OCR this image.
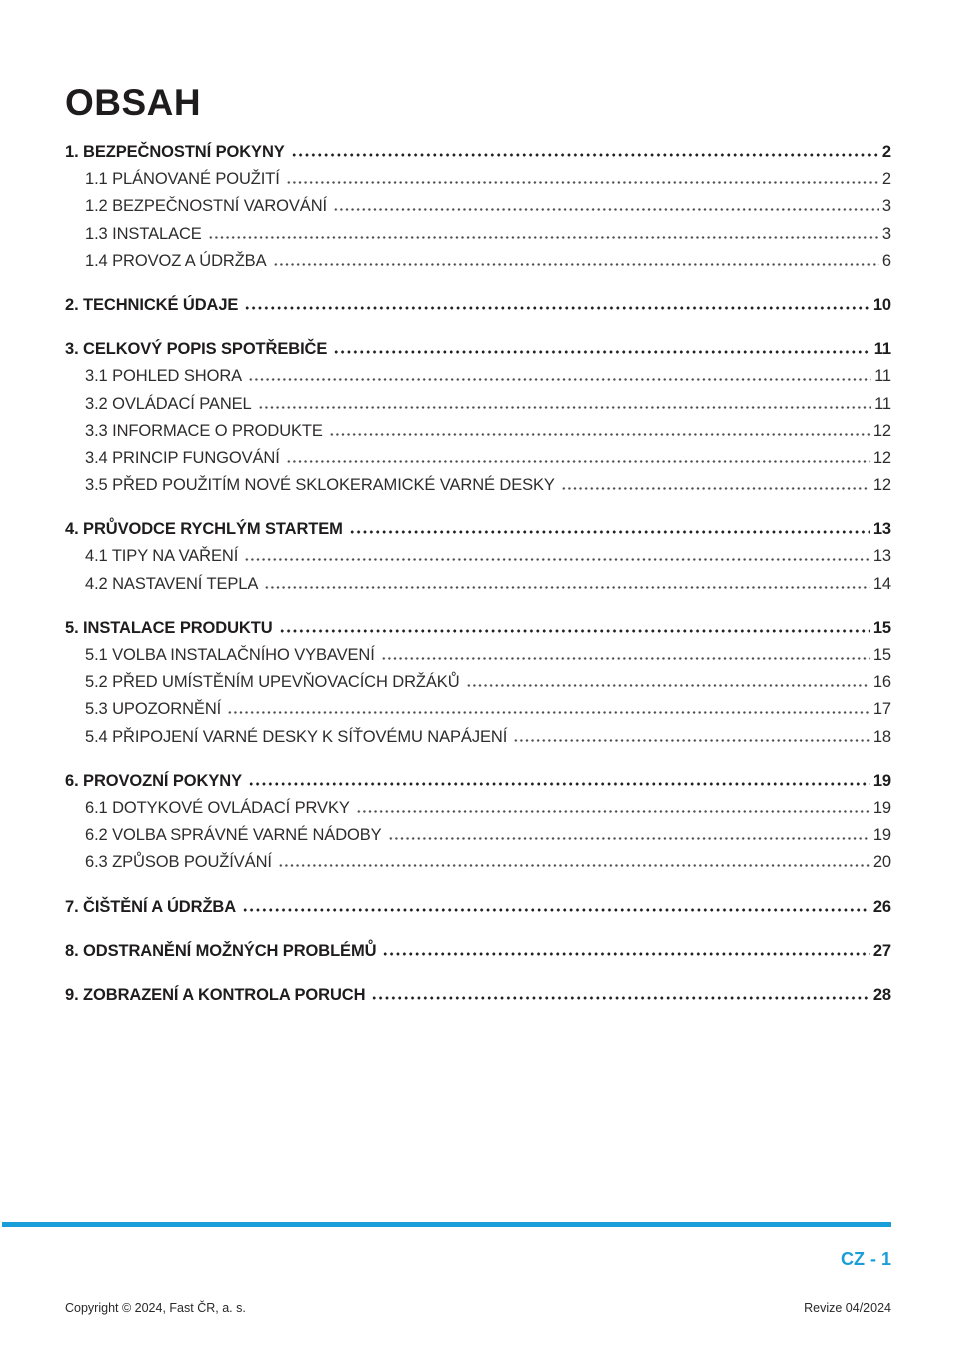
OBSAH
1. BEZPEČNOSTNÍ POKYNY	2
1.1 PLÁNOVANÉ POUŽITÍ	2
1.2 BEZPEČNOSTNÍ VAROVÁNÍ	3
1.3 INSTALACE	3
1.4 PROVOZ A ÚDRŽBA	6
2. TECHNICKÉ ÚDAJE	10
3. CELKOVÝ POPIS SPOTŘEBIČE	11
3.1 POHLED SHORA	11
3.2 OVLÁDACÍ PANEL	11
3.3 INFORMACE O PRODUKTE	12
3.4 PRINCIP FUNGOVÁNÍ	12
3.5 PŘED POUŽITÍM NOVÉ SKLOKERAMICKÉ VARNÉ DESKY	12
4. PRŮVODCE RYCHLÝM STARTEM	13
4.1 TIPY NA VAŘENÍ	13
4.2 NASTAVENÍ TEPLA	14
5. INSTALACE PRODUKTU	15
5.1 VOLBA INSTALAČNÍHO VYBAVENÍ	15
5.2 PŘED UMÍSTĚNÍM UPEVŇOVACÍCH DRŽÁKŮ	16
5.3 UPOZORNĚNÍ	17
5.4 PŘIPOJENÍ VARNÉ DESKY K SÍŤOVÉMU NAPÁJENÍ	18
6. PROVOZNÍ POKYNY	19
6.1 DOTYKOVÉ OVLÁDACÍ PRVKY	19
6.2 VOLBA SPRÁVNÉ VARNÉ NÁDOBY	19
6.3 ZPŮSOB POUŽÍVÁNÍ	20
7. ČIŠTĚNÍ A ÚDRŽBA	26
8. ODSTRANĚNÍ MOŽNÝCH PROBLÉMŮ	27
9. ZOBRAZENÍ A KONTROLA PORUCH	28
CZ - 1
Copyright © 2024, Fast ČR, a. s.	Revize 04/2024
